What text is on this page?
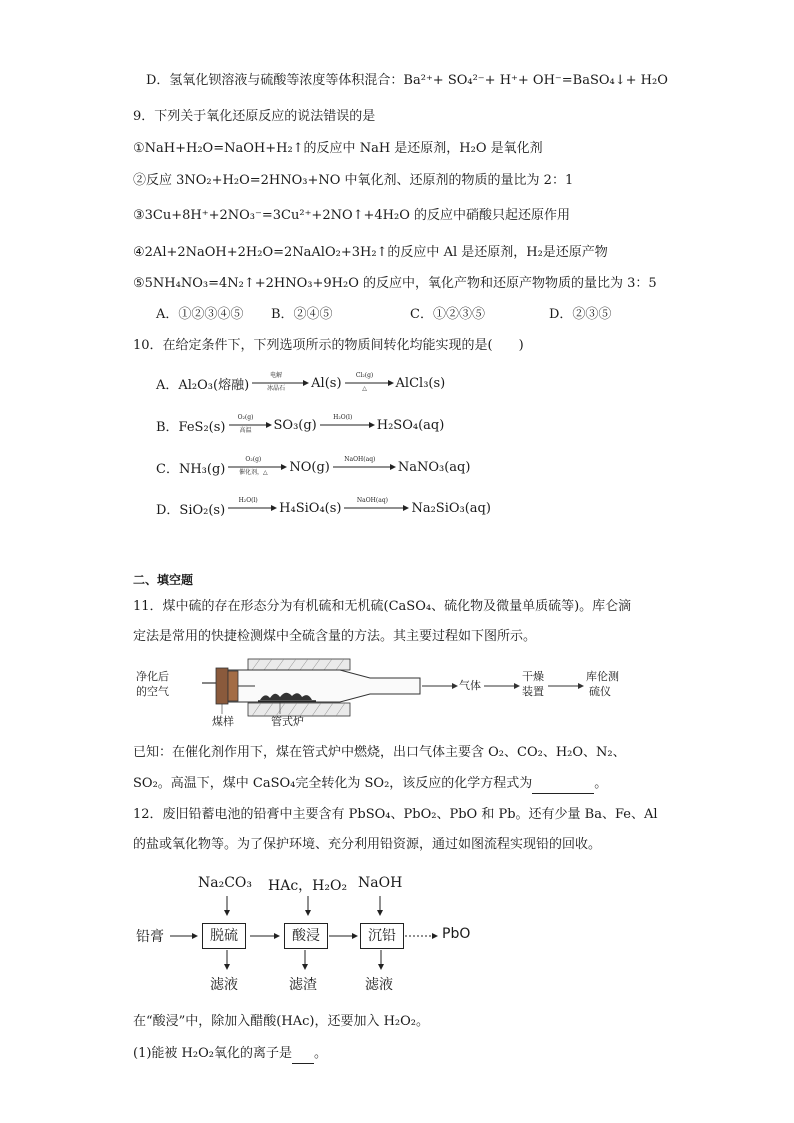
D．氢氧化钡溶液与硫酸等浓度等体积混合：Ba²⁺+ SO₄²⁻+ H⁺+ OH⁻=BaSO₄↓+ H₂O
9．下列关于氧化还原反应的说法错误的是
①NaH+H₂O=NaOH+H₂↑的反应中 NaH 是还原剂，H₂O 是氧化剂
②反应 3NO₂+H₂O=2HNO₃+NO 中氧化剂、还原剂的物质的量比为 2：1
③3Cu+8H⁺+2NO₃⁻=3Cu²⁺+2NO↑+4H₂O 的反应中硝酸只起还原作用
④2Al+2NaOH+2H₂O=2NaAlO₂+3H₂↑的反应中 Al 是还原剂，H₂是还原产物
⑤5NH₄NO₃=4N₂↑+2HNO₃+9H₂O 的反应中，氧化产物和还原产物物质的量比为 3：5
A．①②③④⑤ B．②④⑤	C．①②③⑤	D．②③⑤
10．在给定条件下，下列选项所示的物质间转化均能实现的是(　　)
A．Al₂O₃(熔融)
电解
冰晶石	Al(s)	Cl₂(g)
△	AlCl₃(s)
B．FeS₂(s)
O₂(g)
高温	SO₃(g)	H₂O(l)	H₂SO₄(aq)
C．NH₃(g)
O₂(g)
催化剂，△	NO(g)	NaOH(aq)	NaNO₃(aq)
D．SiO₂(s)
H₂O(l)	H₄SiO₄(s)	NaOH(aq)	Na₂SiO₃(aq)
二、填空题
11．煤中硫的存在形态分为有机硫和无机硫(CaSO₄、硫化物及微量单质硫等)。库仑滴
定法是常用的快捷检测煤中全硫含量的方法。其主要过程如下图所示。
净化后
的空气
煤样	管式炉
气体
干燥
装置
库伦测
硫仪
已知：在催化剂作用下，煤在管式炉中燃烧，出口气体主要含 O₂、CO₂、H₂O、N₂、
SO₂。高温下，煤中 CaSO₄完全转化为 SO₂，该反应的化学方程式为	。
12．废旧铅蓄电池的铅膏中主要含有 PbSO₄、PbO₂、PbO 和 Pb。还有少量 Ba、Fe、Al
的盐或氧化物等。为了保护环境、充分利用铅资源，通过如图流程实现铅的回收。
Na₂CO₃ HAc，H₂O₂ NaOH
铅膏	脱硫	酸浸	沉铅	PbO
滤液	滤渣	滤液
在“酸浸”中，除加入醋酸(HAc)，还要加入 H₂O₂。
(1)能被 H₂O₂氧化的离子是 。
